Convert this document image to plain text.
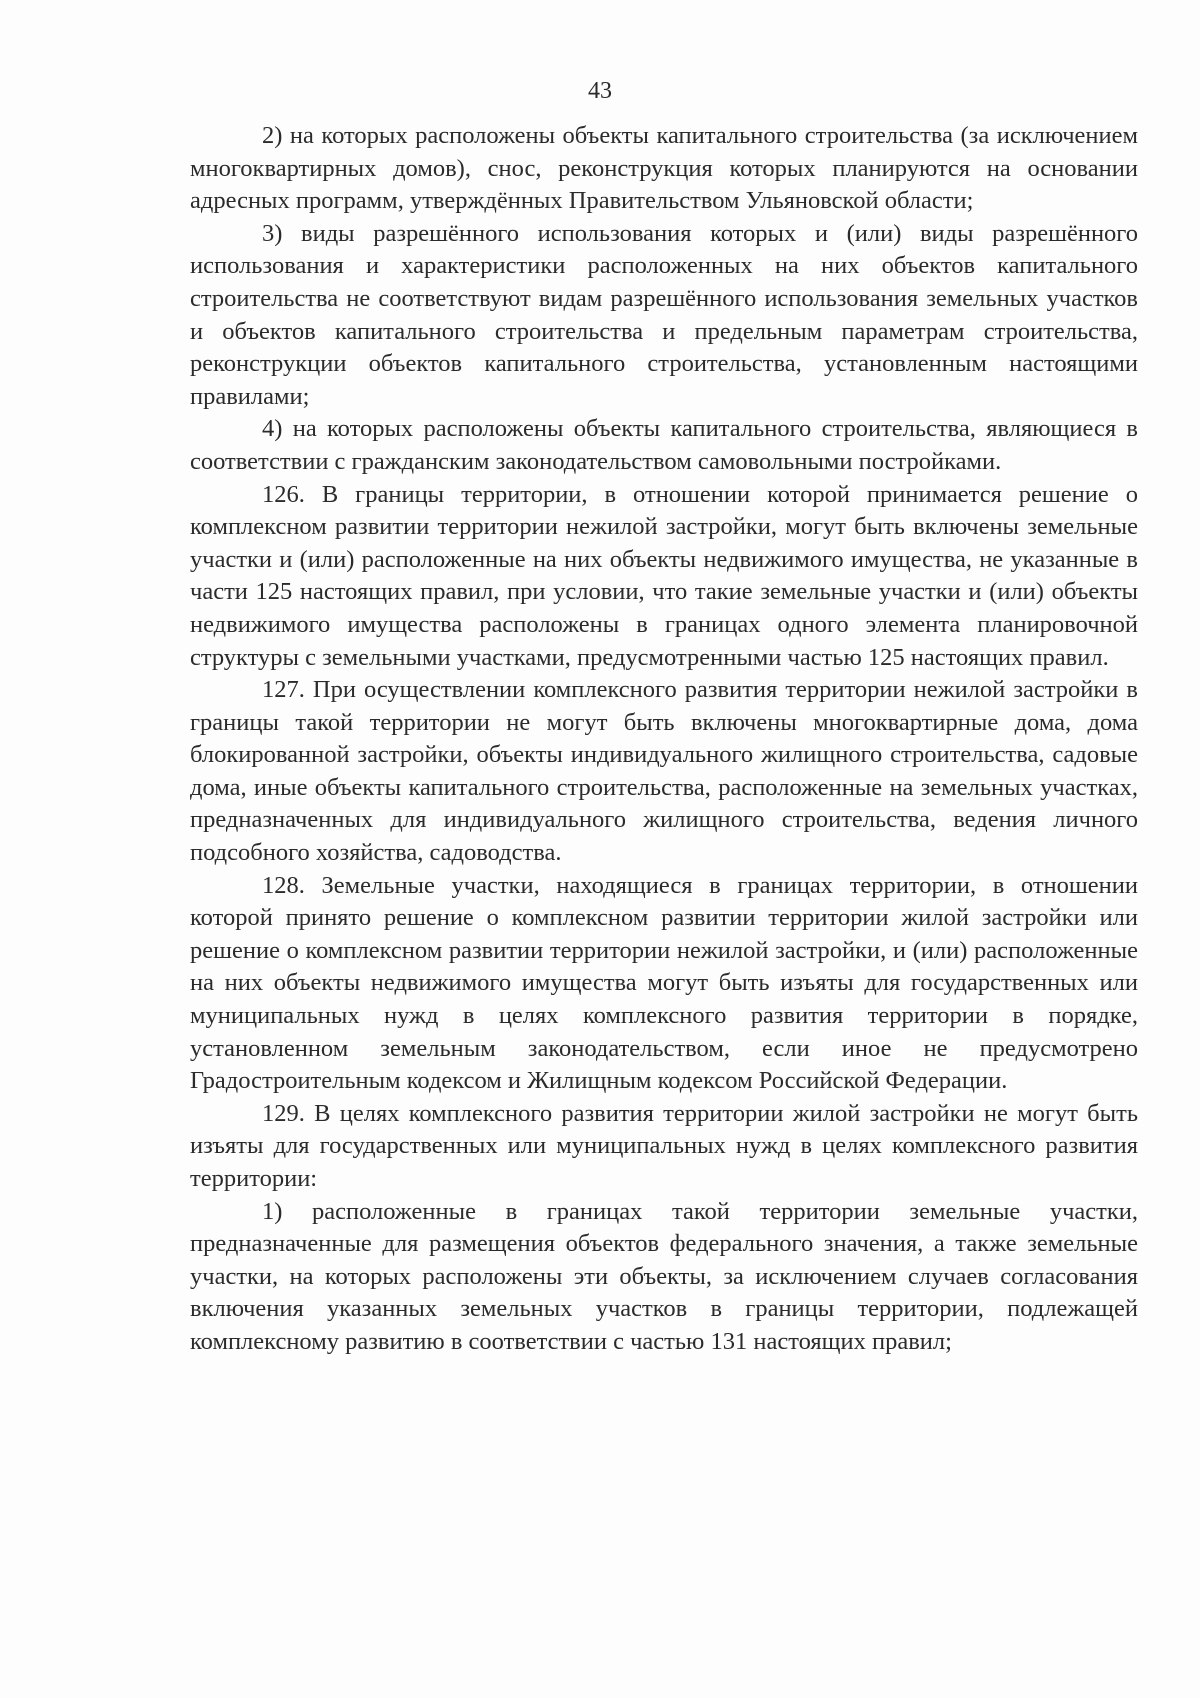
43

2) на которых расположены объекты капитального строительства (за исключением многоквартирных домов), снос, реконструкция которых планируются на основании адресных программ, утверждённых Правительством Ульяновской области;

3) виды разрешённого использования которых и (или) виды разрешённого использования и характеристики расположенных на них объектов капитального строительства не соответствуют видам разрешённого использования земельных участков и объектов капитального строительства и предельным параметрам строительства, реконструкции объектов капитального строительства, установленным настоящими правилами;

4) на которых расположены объекты капитального строительства, являющиеся в соответствии с гражданским законодательством самовольными постройками.

126. В границы территории, в отношении которой принимается решение о комплексном развитии территории нежилой застройки, могут быть включены земельные участки и (или) расположенные на них объекты недвижимого имущества, не указанные в части 125 настоящих правил, при условии, что такие земельные участки и (или) объекты недвижимого имущества расположены в границах одного элемента планировочной структуры с земельными участками, предусмотренными частью 125 настоящих правил.

127. При осуществлении комплексного развития территории нежилой застройки в границы такой территории не могут быть включены многоквартирные дома, дома блокированной застройки, объекты индивидуального жилищного строительства, садовые дома, иные объекты капитального строительства, расположенные на земельных участках, предназначенных для индивидуального жилищного строительства, ведения личного подсобного хозяйства, садоводства.

128. Земельные участки, находящиеся в границах территории, в отношении которой принято решение о комплексном развитии территории жилой застройки или решение о комплексном развитии территории нежилой застройки, и (или) расположенные на них объекты недвижимого имущества могут быть изъяты для государственных или муниципальных нужд в целях комплексного развития территории в порядке, установленном земельным законодательством, если иное не предусмотрено Градостроительным кодексом и Жилищным кодексом Российской Федерации.

129. В целях комплексного развития территории жилой застройки не могут быть изъяты для государственных или муниципальных нужд в целях комплексного развития территории:

1) расположенные в границах такой территории земельные участки, предназначенные для размещения объектов федерального значения, а также земельные участки, на которых расположены эти объекты, за исключением случаев согласования включения указанных земельных участков в границы территории, подлежащей комплексному развитию в соответствии с частью 131 настоящих правил;
